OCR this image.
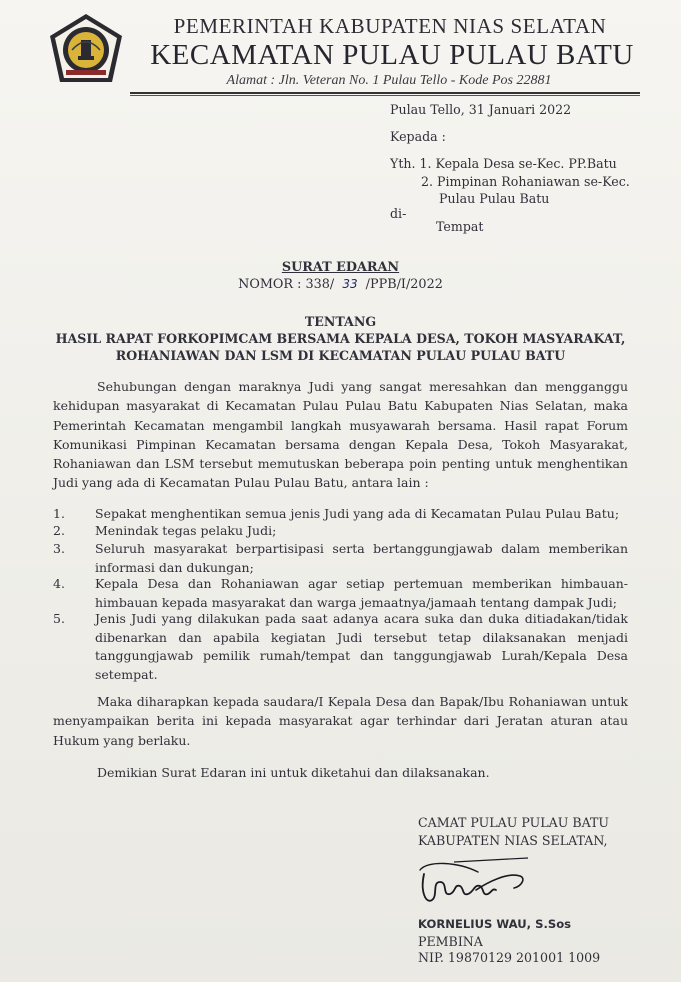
PEMERINTAH KABUPATEN NIAS SELATAN
KECAMATAN PULAU PULAU BATU
Alamat : Jln. Veteran No. 1 Pulau Tello - Kode Pos 22881
Pulau Tello, 31 Januari 2022
Kepada :
Yth. 1. Kepala Desa se-Kec. PP.Batu
2. Pimpinan Rohaniawan se-Kec.
Pulau Pulau Batu
di-
Tempat
SURAT EDARAN
NOMOR : 338/ 33 /PPB/I/2022
TENTANG
HASIL RAPAT FORKOPIMCAM BERSAMA KEPALA DESA, TOKOH MASYARAKAT,
ROHANIAWAN DAN LSM DI KECAMATAN PULAU PULAU BATU
Sehubungan dengan maraknya Judi yang sangat meresahkan dan mengganggu kehidupan masyarakat di Kecamatan Pulau Pulau Batu Kabupaten Nias Selatan, maka Pemerintah Kecamatan mengambil langkah musyawarah bersama. Hasil rapat Forum Komunikasi Pimpinan Kecamatan bersama dengan Kepala Desa, Tokoh Masyarakat, Rohaniawan dan LSM tersebut memutuskan beberapa poin penting untuk menghentikan Judi yang ada di Kecamatan Pulau Pulau Batu, antara lain :
1. Sepakat menghentikan semua jenis Judi yang ada di Kecamatan Pulau Pulau Batu;
2. Menindak tegas pelaku Judi;
3. Seluruh masyarakat berpartisipasi serta bertanggungjawab dalam memberikan informasi dan dukungan;
4. Kepala Desa dan Rohaniawan agar setiap pertemuan memberikan himbauan-himbauan kepada masyarakat dan warga jemaatnya/jamaah tentang dampak Judi;
5. Jenis Judi yang dilakukan pada saat adanya acara suka dan duka ditiadakan/tidak dibenarkan dan apabila kegiatan Judi tersebut tetap dilaksanakan menjadi tanggungjawab pemilik rumah/tempat dan tanggungjawab Lurah/Kepala Desa setempat.
Maka diharapkan kepada saudara/I Kepala Desa dan Bapak/Ibu Rohaniawan untuk menyampaikan berita ini kepada masyarakat agar terhindar dari Jeratan aturan atau Hukum yang berlaku.
Demikian Surat Edaran ini untuk diketahui dan dilaksanakan.
CAMAT PULAU PULAU BATU
KABUPATEN NIAS SELATAN,
KORNELIUS WAU, S.Sos
PEMBINA
NIP. 19870129 201001 1009
